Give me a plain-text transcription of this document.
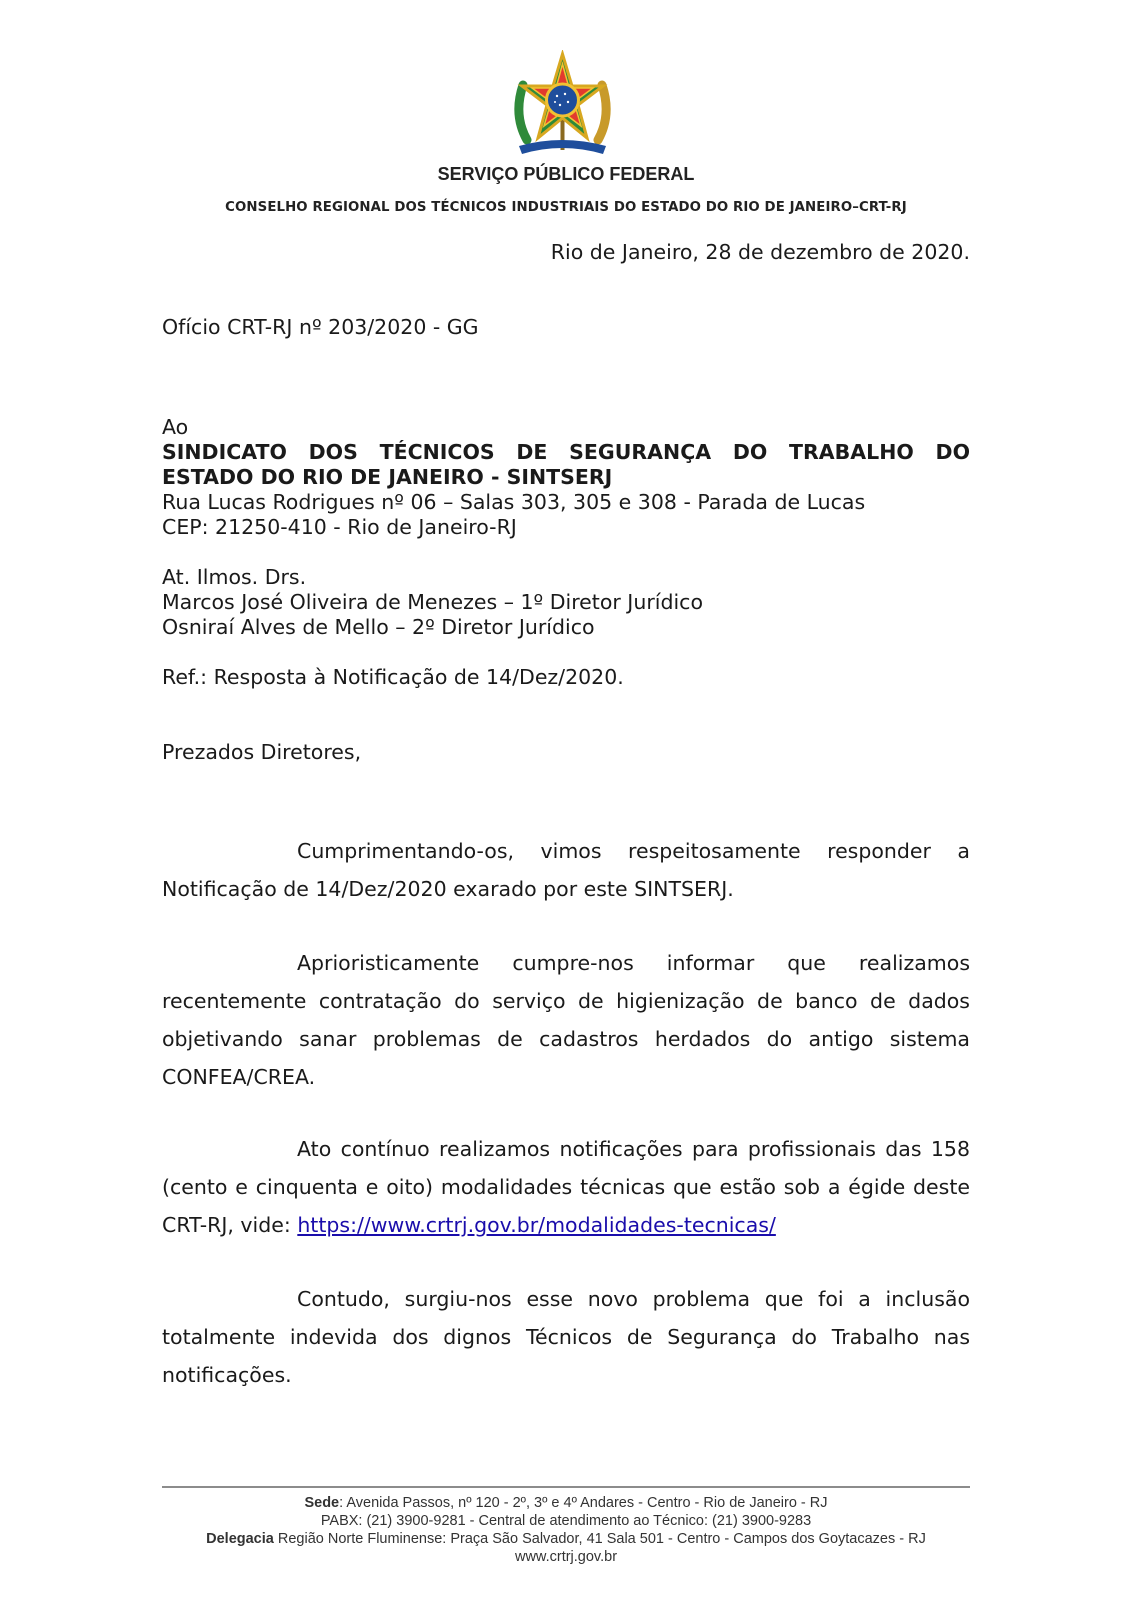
SERVIÇO PÚBLICO FEDERAL
CONSELHO REGIONAL DOS TÉCNICOS INDUSTRIAIS DO ESTADO DO RIO DE JANEIRO–CRT-RJ
Rio de Janeiro, 28 de dezembro de 2020.
Ofício CRT-RJ nº 203/2020 - GG
Ao
SINDICATO DOS TÉCNICOS DE SEGURANÇA DO TRABALHO DO
ESTADO DO RIO DE JANEIRO - SINTSERJ
Rua Lucas Rodrigues nº 06 – Salas 303, 305 e 308 - Parada de Lucas
CEP: 21250-410 - Rio de Janeiro-RJ
At. Ilmos. Drs.
Marcos José Oliveira de Menezes – 1º Diretor Jurídico
Osniraí Alves de Mello – 2º Diretor Jurídico
Ref.: Resposta à Notificação de 14/Dez/2020.
Prezados Diretores,
Cumprimentando-os, vimos respeitosamente responder a Notificação de 14/Dez/2020 exarado por este SINTSERJ.
Aprioristicamente cumpre-nos informar que realizamos recentemente contratação do serviço de higienização de banco de dados objetivando sanar problemas de cadastros herdados do antigo sistema CONFEA/CREA.
Ato contínuo realizamos notificações para profissionais das 158 (cento e cinquenta e oito) modalidades técnicas que estão sob a égide deste CRT-RJ, vide: https://www.crtrj.gov.br/modalidades-tecnicas/
Contudo, surgiu-nos esse novo problema que foi a inclusão totalmente indevida dos dignos Técnicos de Segurança do Trabalho nas notificações.
Sede: Avenida Passos, nº 120 - 2º, 3º e 4º Andares - Centro - Rio de Janeiro - RJ
PABX: (21) 3900-9281 - Central de atendimento ao Técnico: (21) 3900-9283
Delegacia Região Norte Fluminense: Praça São Salvador, 41 Sala 501 - Centro - Campos dos Goytacazes - RJ
www.crtrj.gov.br
